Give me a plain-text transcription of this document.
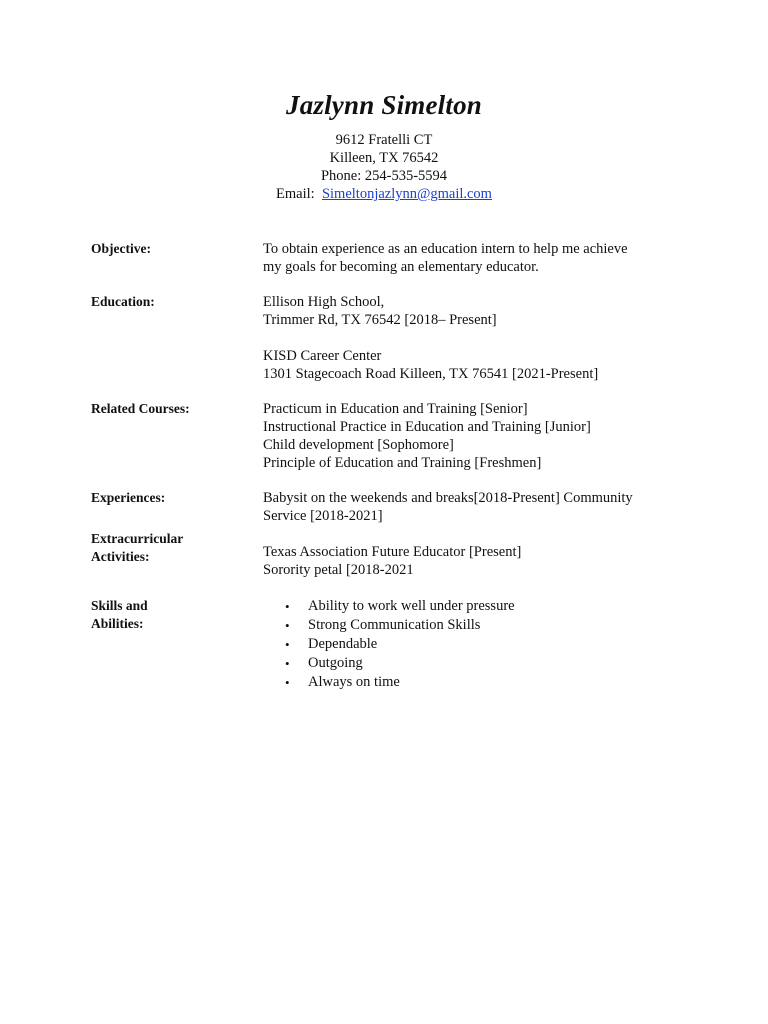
Jazlynn Simelton
9612 Fratelli CT
Killeen, TX 76542
Phone: 254-535-5594
Email: Simeltonjazlynn@gmail.com
Objective:	To obtain experience as an education intern to help me achieve
my goals for becoming an elementary educator.
Education:	Ellison High School,
Trimmer Rd, TX 76542 [2018– Present]
KISD Career Center
1301 Stagecoach Road Killeen, TX 76541 [2021-Present]
Related Courses:	Practicum in Education and Training [Senior]
Instructional Practice in Education and Training [Junior]
Child development [Sophomore]
Principle of Education and Training [Freshmen]
Experiences:	Babysit on the weekends and breaks[2018-Present] Community
Service [2018-2021]
Extracurricular
Activities:	Texas Association Future Educator [Present]
Sorority petal [2018-2021
Skills and
Abilities:
• Ability to work well under pressure
• Strong Communication Skills
• Dependable
• Outgoing
• Always on time
